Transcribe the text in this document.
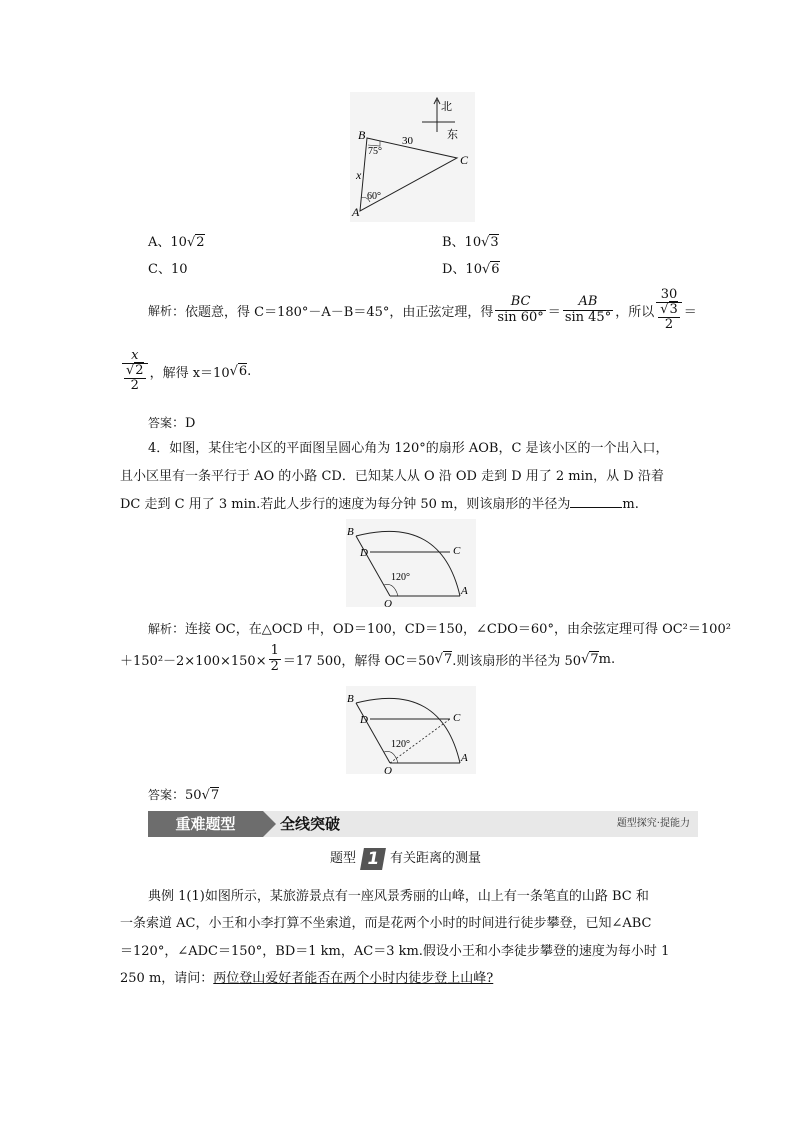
B
A
C
x
30
75°
60°
北
东
A、10√2	B、10√3
C、10	D、10√6
解析 ：依题意，得 C＝180°－A－B＝45°，由正弦定理，得 $\frac{BC}{\sin 60^\circ} = \frac{AB}{\sin 45^\circ}$ ，所以 $\frac{30}{\frac{√3}{2}}$ ＝
$\frac{x}{\frac{√2}{2}}$ ，解得 x＝10 √ 6 .
答案：D
4．如图，某住宅小区的平面图呈圆心角为 120°的扇形 AOB，C 是该小区的一个出入口，
且小区里有一条平行于 AO 的小路 CD．已知某人从 O 沿 OD 走到 D 用了 2 min，从 D 沿着
DC 走到 C 用了 3 min.若此人步行的速度为每分钟 50 m，则该扇形的半径为	m.
B
D	C
O
A
120°
解析：连接 OC，在△OCD 中，OD＝100，CD＝150，∠CDO＝60°，由余弦定理可得 OC²＝100²
$+150^2-2\times 100\times 150\times \frac{1}{2} =17$ 500，解得 OC＝50 √ 7 .则该扇形的半径为 50 √ 7 m.
B
D	C
O
A
120°
答案：50√7
重难题型	全线突破	题型探究·提能力
题型 1 有关距离的测量
典例 1(1)如图所示，某旅游景点有一座风景秀丽的山峰，山上有一条笔直的山路 BC 和
一条索道 AC，小王和小李打算不坐索道，而是花两个小时的时间进行徒步攀登，已知∠ABC
＝120°，∠ADC＝150°，BD＝1 km，AC＝3 km.假设小王和小李徒步攀登的速度为每小时 1
250 m，请问：两位登山爱好者能否在两个小时内徒步登上山峰?
